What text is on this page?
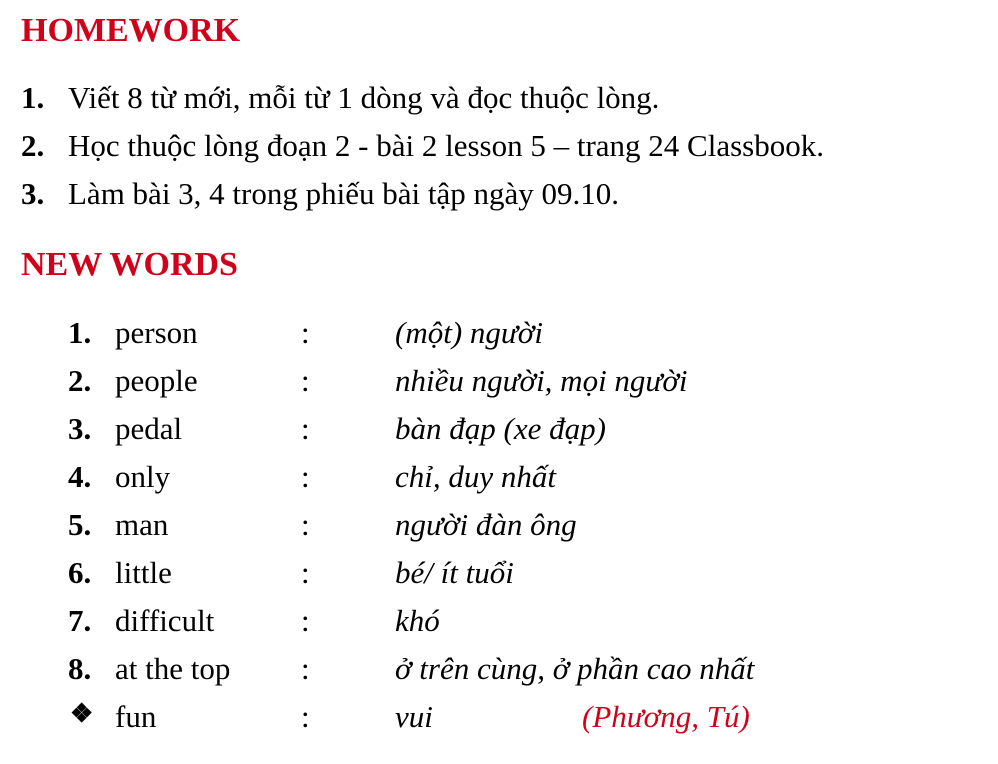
HOMEWORK
1. Viết 8 từ mới, mỗi từ 1 dòng và đọc thuộc lòng.
2. Học thuộc lòng đoạn 2 - bài 2 lesson 5 – trang 24 Classbook.
3. Làm bài 3, 4 trong phiếu bài tập ngày 09.10.
NEW WORDS
1. person	:	(một) người
2. people	:	nhiều người, mọi người
3. pedal	:	bàn đạp (xe đạp)
4. only	:	chỉ, duy nhất
5. man	:	người đàn ông
6. little	:	bé/ ít tuổi
7. difficult	:	khó
8. at the top :	ở trên cùng, ở phần cao nhất
❖ fun	:	vui	(Phương, Tú)
